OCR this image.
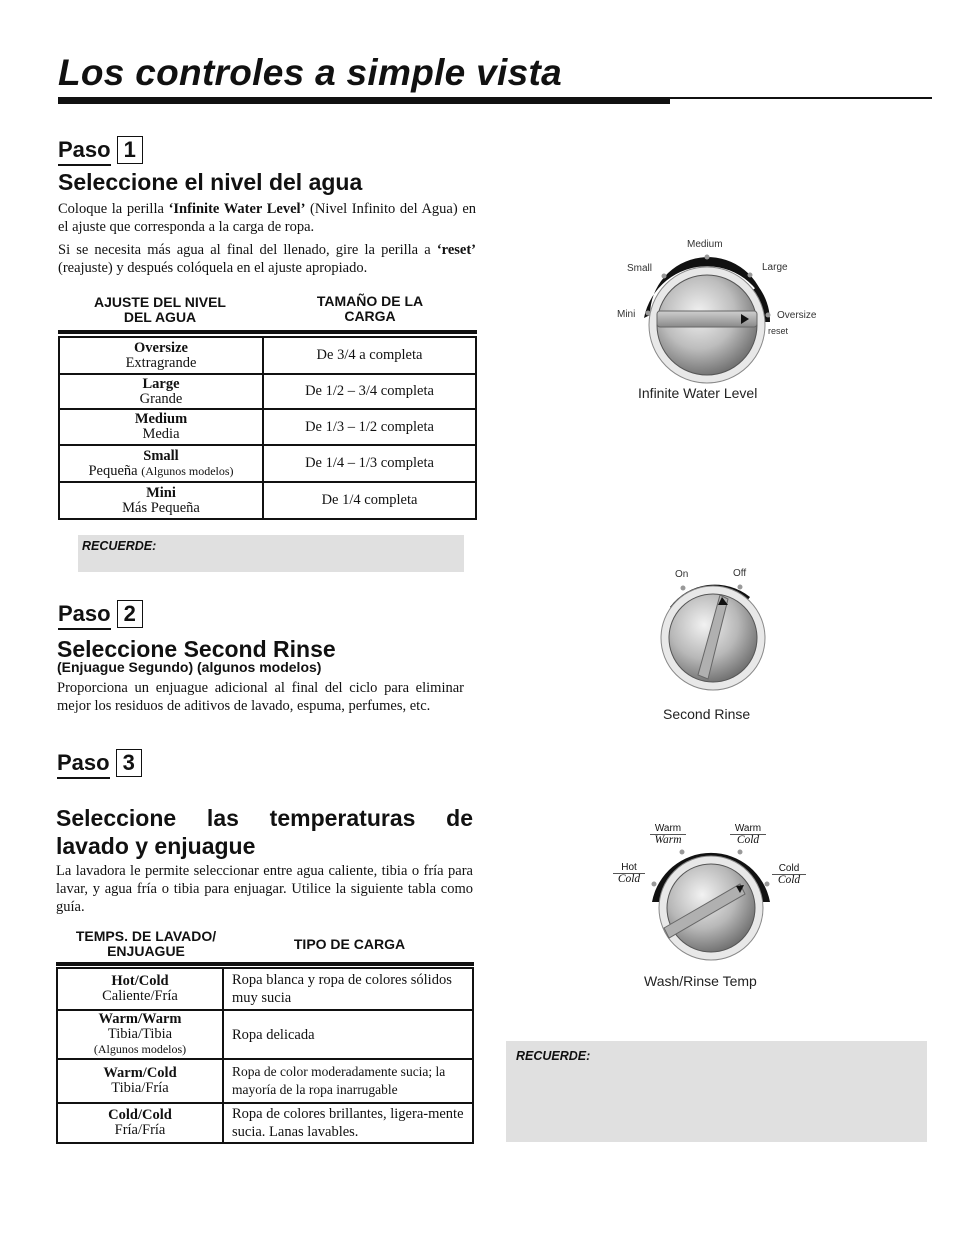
Los controles a simple vista
Paso 1
Seleccione el nivel del agua
Coloque la perilla ‘Infinite Water Level’ (Nivel Infinito del Agua) en el ajuste que corresponda a la carga de ropa.
Si se necesita más agua al final del llenado, gire la perilla a ‘reset’ (reajuste) y después colóquela en el ajuste apropiado.
AJUSTE DEL NIVEL DEL AGUA
TAMAÑO DE LA CARGA
Oversize
Extragrande	De 3/4 a completa
Large
Grande	De 1/2 – 3/4 completa
Medium
Media	De 1/3 – 1/2 completa
Small
Pequeña (Algunos modelos)	De 1/4 – 1/3 completa
Mini
Más Pequeña	De 1/4 completa
RECUERDE:
Paso 2
Seleccione Second Rinse
(Enjuague Segundo) (algunos modelos)
Proporciona un enjuague adicional al final del ciclo para eliminar mejor los residuos de aditivos de lavado, espuma, perfumes, etc.
Paso 3
Seleccione las temperaturas de lavado y enjuague
La lavadora le permite seleccionar entre agua caliente, tibia o fría para lavar, y agua fría o tibia para enjuagar. Utilice la siguiente tabla como guía.
TEMPS. DE LAVADO/ ENJUAGUE	TIPO DE CARGA
Hot/Cold
Caliente/Fría	Ropa blanca y ropa de colores sólidos muy sucia
Warm/Warm
Tibia/Tibia
(Algunos modelos)	Ropa delicada
Warm/Cold
Tibia/Fría	Ropa de color moderadamente sucia; la mayoría de la ropa inarrugable
Cold/Cold
Fría/Fría	Ropa de colores brillantes, ligera-mente sucia. Lanas lavables.
RECUERDE:
Mini
Small
Medium
Large
Oversize
reset
Infinite Water Level
On	Off
Second Rinse
Hot
Cold
Warm
Warm
Warm
Cold
Cold
Cold
Wash/Rinse Temp
